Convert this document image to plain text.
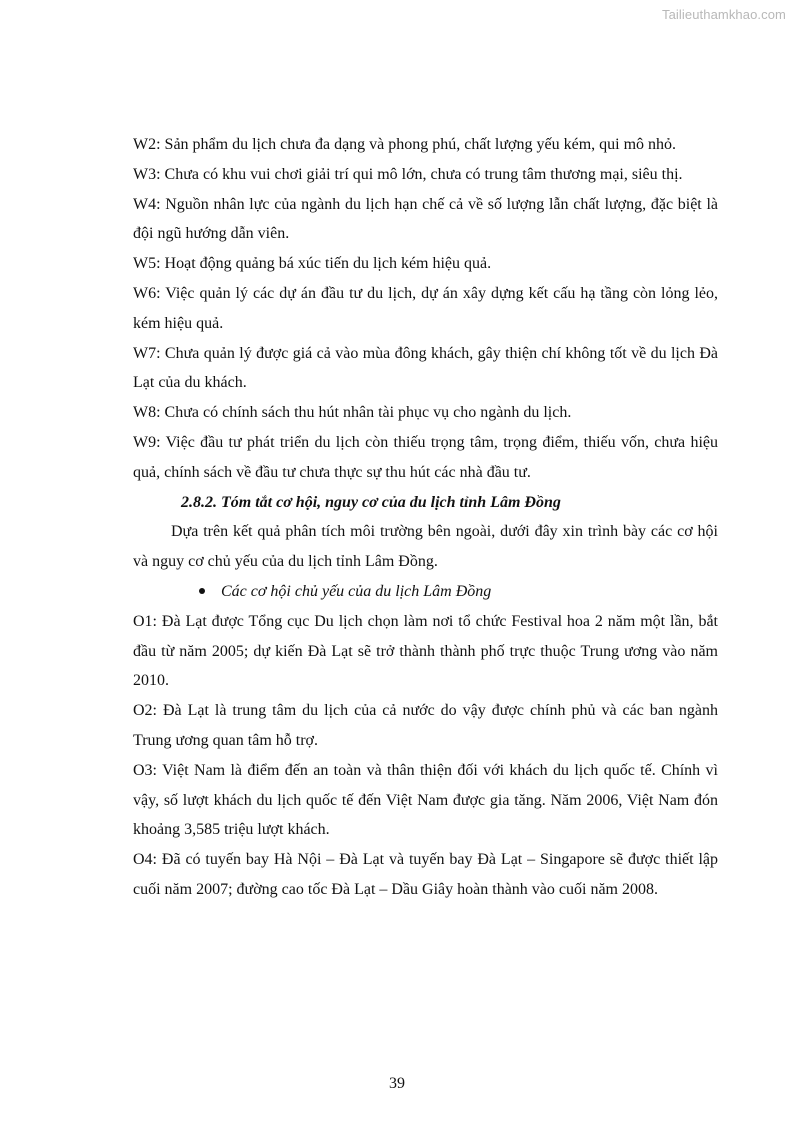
Tailieuthamkhao.com

W2: Sản phẩm du lịch chưa đa dạng và phong phú, chất lượng yếu kém, qui mô nhỏ.

W3: Chưa có khu vui chơi giải trí qui mô lớn, chưa có trung tâm thương mại, siêu thị.

W4: Nguồn nhân lực của ngành du lịch hạn chế cả về số lượng lẫn chất lượng, đặc biệt là đội ngũ hướng dẫn viên.

W5: Hoạt động quảng bá xúc tiến du lịch kém hiệu quả.

W6: Việc quản lý các dự án đầu tư du lịch, dự án xây dựng kết cấu hạ tầng còn lỏng lẻo, kém hiệu quả.

W7: Chưa quản lý được giá cả vào mùa đông khách, gây thiện chí không tốt về du lịch Đà Lạt của du khách.

W8: Chưa có chính sách thu hút nhân tài phục vụ cho ngành du lịch.

W9: Việc đầu tư phát triển du lịch còn thiếu trọng tâm, trọng điểm, thiếu vốn, chưa hiệu quả, chính sách về đầu tư chưa thực sự thu hút các nhà đầu tư.

2.8.2. Tóm tắt cơ hội, nguy cơ của du lịch tỉnh Lâm Đồng

Dựa trên kết quả phân tích môi trường bên ngoài, dưới đây xin trình bày các cơ hội và nguy cơ chủ yếu của du lịch tỉnh Lâm Đồng.

Các cơ hội chủ yếu của du lịch Lâm Đồng

O1: Đà Lạt được Tổng cục Du lịch chọn làm nơi tổ chức Festival hoa 2 năm một lần, bắt đầu từ năm 2005; dự kiến Đà Lạt sẽ trở thành thành phố trực thuộc Trung ương vào năm 2010.

O2: Đà Lạt là trung tâm du lịch của cả nước do vậy được chính phủ và các ban ngành Trung ương quan tâm hỗ trợ.

O3: Việt Nam là điểm đến an toàn và thân thiện đối với khách du lịch quốc tế. Chính vì vậy, số lượt khách du lịch quốc tế đến Việt Nam được gia tăng. Năm 2006, Việt Nam đón khoảng 3,585 triệu lượt khách.

O4: Đã có tuyến bay Hà Nội – Đà Lạt và tuyến bay Đà Lạt – Singapore sẽ được thiết lập cuối năm 2007; đường cao tốc Đà Lạt – Dầu Giây hoàn thành vào cuối năm 2008.

39
